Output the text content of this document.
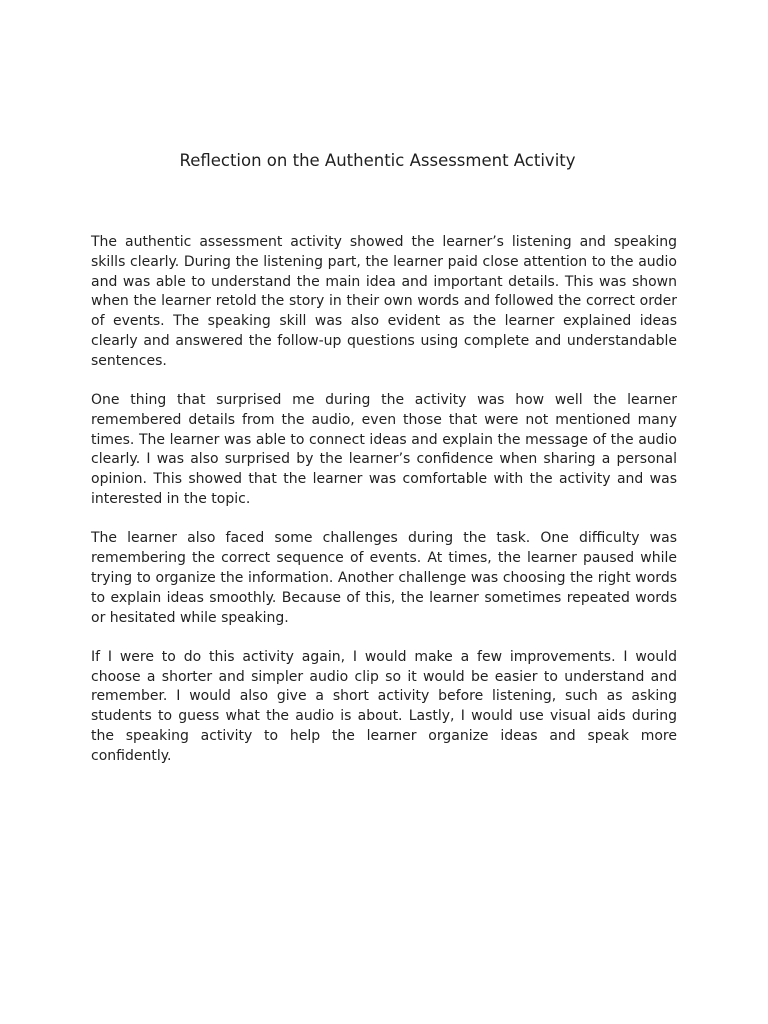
Reflection on the Authentic Assessment Activity

The authentic assessment activity showed the learner’s listening and speaking skills clearly. During the listening part, the learner paid close attention to the audio and was able to understand the main idea and important details. This was shown when the learner retold the story in their own words and followed the correct order of events. The speaking skill was also evident as the learner explained ideas clearly and answered the follow-up questions using complete and understandable sentences.

One thing that surprised me during the activity was how well the learner remembered details from the audio, even those that were not mentioned many times. The learner was able to connect ideas and explain the message of the audio clearly. I was also surprised by the learner’s confidence when sharing a personal opinion. This showed that the learner was comfortable with the activity and was interested in the topic.

The learner also faced some challenges during the task. One difficulty was remembering the correct sequence of events. At times, the learner paused while trying to organize the information. Another challenge was choosing the right words to explain ideas smoothly. Because of this, the learner sometimes repeated words or hesitated while speaking.

If I were to do this activity again, I would make a few improvements. I would choose a shorter and simpler audio clip so it would be easier to understand and remember. I would also give a short activity before listening, such as asking students to guess what the audio is about. Lastly, I would use visual aids during the speaking activity to help the learner organize ideas and speak more confidently.
